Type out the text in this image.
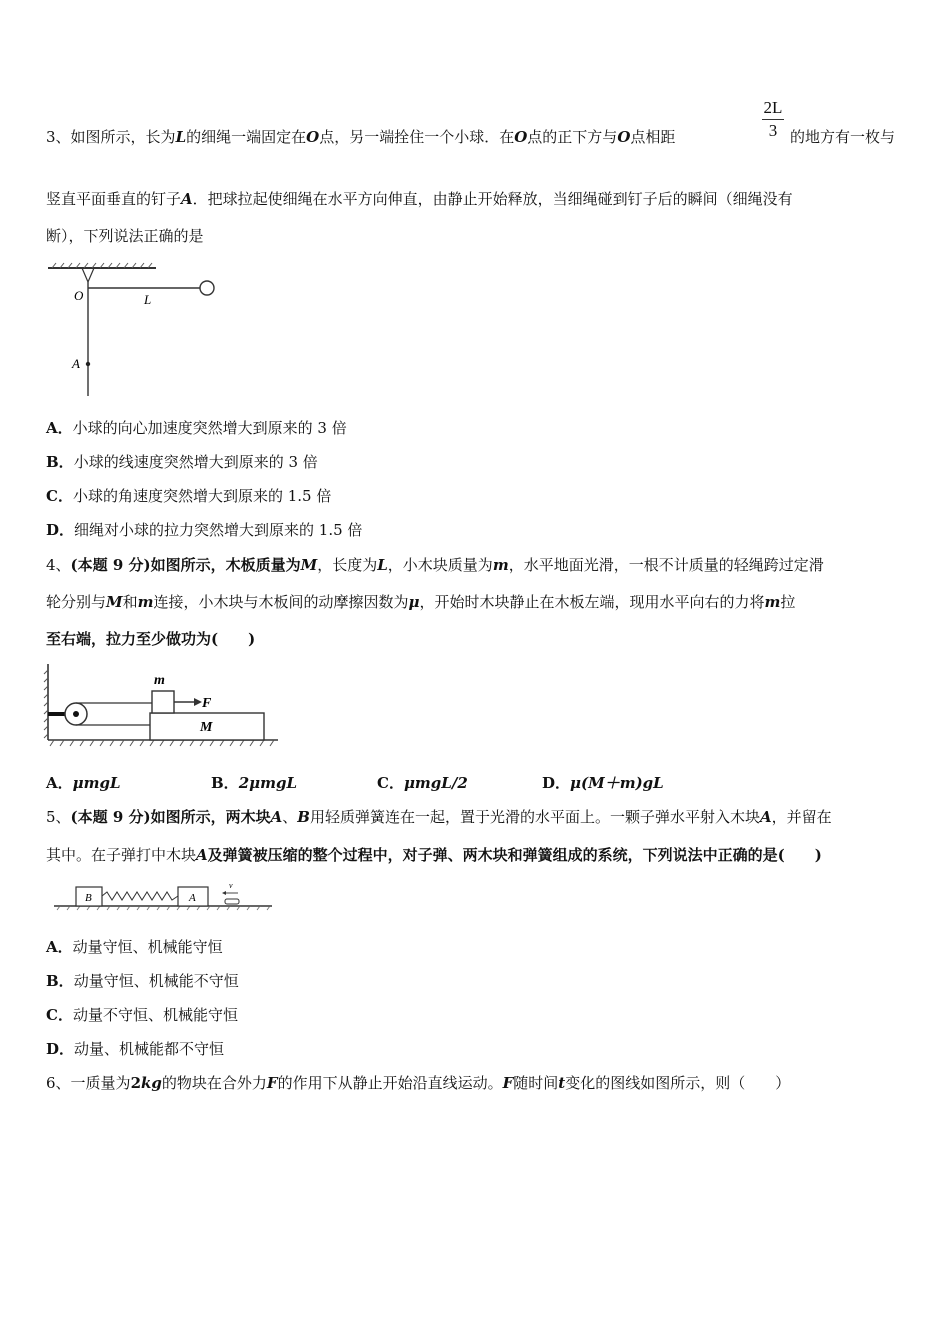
3、如图所示，长为L的细绳一端固定在O点，另一端拴住一个小球．在O点的正下方与O点相距
2L
3 的地方有一枚与
竖直平面垂直的钉子A．把球拉起使细绳在水平方向伸直，由静止开始释放，当细绳碰到钉子后的瞬间（细绳没有
断），下列说法正确的是
O	L
A
A．小球的向心加速度突然增大到原来的 3 倍
B．小球的线速度突然增大到原来的 3 倍
C．小球的角速度突然增大到原来的 1.5 倍
D．细绳对小球的拉力突然增大到原来的 1.5 倍
4、(本题 9 分)如图所示，木板质量为M，长度为L，小木块质量为m，水平地面光滑，一根不计质量的轻绳跨过定滑
轮分别与M和m连接，小木块与木板间的动摩擦因数为μ，开始时木块静止在木板左端，现用水平向右的力将m拉
至右端，拉力至少做功为(　　)
m
F
M
A．μmgL	B．2μmgL	C．μmgL/2	D．μ(M＋m)gL
5、(本题 9 分)如图所示，两木块A、B用轻质弹簧连在一起，置于光滑的水平面上。一颗子弹水平射入木块A，并留在
其中。在子弹打中木块A及弹簧被压缩的整个过程中，对子弹、两木块和弹簧组成的系统，下列说法中正确的是(　　)
B	A
v
A．动量守恒、机械能守恒
B．动量守恒、机械能不守恒
C．动量不守恒、机械能守恒
D．动量、机械能都不守恒
6、一质量为2kg的物块在合外力F的作用下从静止开始沿直线运动。F随时间t变化的图线如图所示，则（　　）
